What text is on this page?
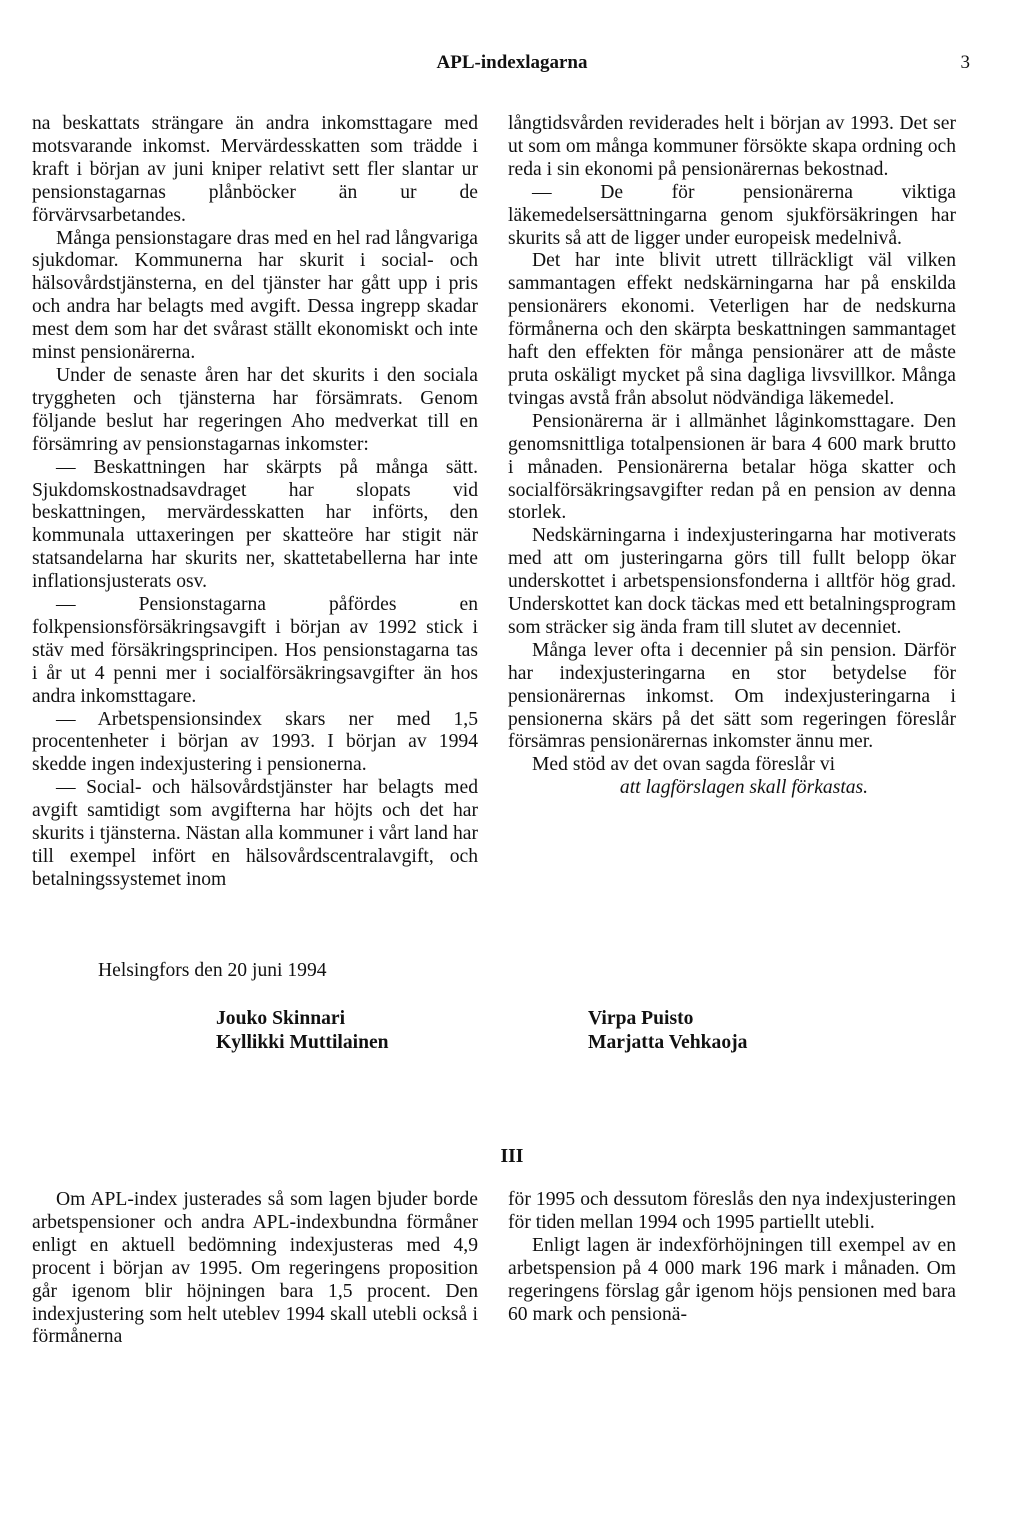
APL-indexlagarna	3

na beskattats strängare än andra inkomsttagare med motsvarande inkomst. Mervärdesskatten som trädde i kraft i början av juni kniper relativt sett fler slantar ur pensionstagarnas plånböcker än ur de förvärvsarbetandes.

Många pensionstagare dras med en hel rad långvariga sjukdomar. Kommunerna har skurit i social- och hälsovårdstjänsterna, en del tjänster har gått upp i pris och andra har belagts med avgift. Dessa ingrepp skadar mest dem som har det svårast ställt ekonomiskt och inte minst pensionärerna.

Under de senaste åren har det skurits i den sociala tryggheten och tjänsterna har försämrats. Genom följande beslut har regeringen Aho medverkat till en försämring av pensionstagarnas inkomster:

— Beskattningen har skärpts på många sätt. Sjukdomskostnadsavdraget har slopats vid beskattningen, mervärdesskatten har införts, den kommunala uttaxeringen per skatteöre har stigit när statsandelarna har skurits ner, skattetabellerna har inte inflationsjusterats osv.

— Pensionstagarna påfördes en folkpensionsförsäkringsavgift i början av 1992 stick i stäv med försäkringsprincipen. Hos pensionstagarna tas i år ut 4 penni mer i socialförsäkringsavgifter än hos andra inkomsttagare.

— Arbetspensionsindex skars ner med 1,5 procentenheter i början av 1993. I början av 1994 skedde ingen indexjustering i pensionerna.

— Social- och hälsovårdstjänster har belagts med avgift samtidigt som avgifterna har höjts och det har skurits i tjänsterna. Nästan alla kommuner i vårt land har till exempel infört en hälsovårdscentralavgift, och betalningssystemet inom

långtidsvården reviderades helt i början av 1993. Det ser ut som om många kommuner försökte skapa ordning och reda i sin ekonomi på pensionärernas bekostnad.

— De för pensionärerna viktiga läkemedelsersättningarna genom sjukförsäkringen har skurits så att de ligger under europeisk medelnivå.

Det har inte blivit utrett tillräckligt väl vilken sammantagen effekt nedskärningarna har på enskilda pensionärers ekonomi. Veterligen har de nedskurna förmånerna och den skärpta beskattningen sammantaget haft den effekten för många pensionärer att de måste pruta oskäligt mycket på sina dagliga livsvillkor. Många tvingas avstå från absolut nödvändiga läkemedel.

Pensionärerna är i allmänhet låginkomsttagare. Den genomsnittliga totalpensionen är bara 4 600 mark brutto i månaden. Pensionärerna betalar höga skatter och socialförsäkringsavgifter redan på en pension av denna storlek.

Nedskärningarna i indexjusteringarna har motiverats med att om justeringarna görs till fullt belopp ökar underskottet i arbetspensionsfonderna i alltför hög grad. Underskottet kan dock täckas med ett betalningsprogram som sträcker sig ända fram till slutet av decenniet.

Många lever ofta i decennier på sin pension. Därför har indexjusteringarna en stor betydelse för pensionärernas inkomst. Om indexjusteringarna i pensionerna skärs på det sätt som regeringen föreslår försämras pensionärernas inkomster ännu mer.

Med stöd av det ovan sagda föreslår vi

att lagförslagen skall förkastas.

Helsingfors den 20 juni 1994

Jouko Skinnari
Kyllikki Muttilainen
Virpa Puisto
Marjatta Vehkaoja
III

Om APL-index justerades så som lagen bjuder borde arbetspensioner och andra APL-indexbundna förmåner enligt en aktuell bedömning indexjusteras med 4,9 procent i början av 1995. Om regeringens proposition går igenom blir höjningen bara 1,5 procent. Den indexjustering som helt uteblev 1994 skall utebli också i förmånerna

för 1995 och dessutom föreslås den nya indexjusteringen för tiden mellan 1994 och 1995 partiellt utebli.

Enligt lagen är indexförhöjningen till exempel av en arbetspension på 4 000 mark 196 mark i månaden. Om regeringens förslag går igenom höjs pensionen med bara 60 mark och pensionä-
